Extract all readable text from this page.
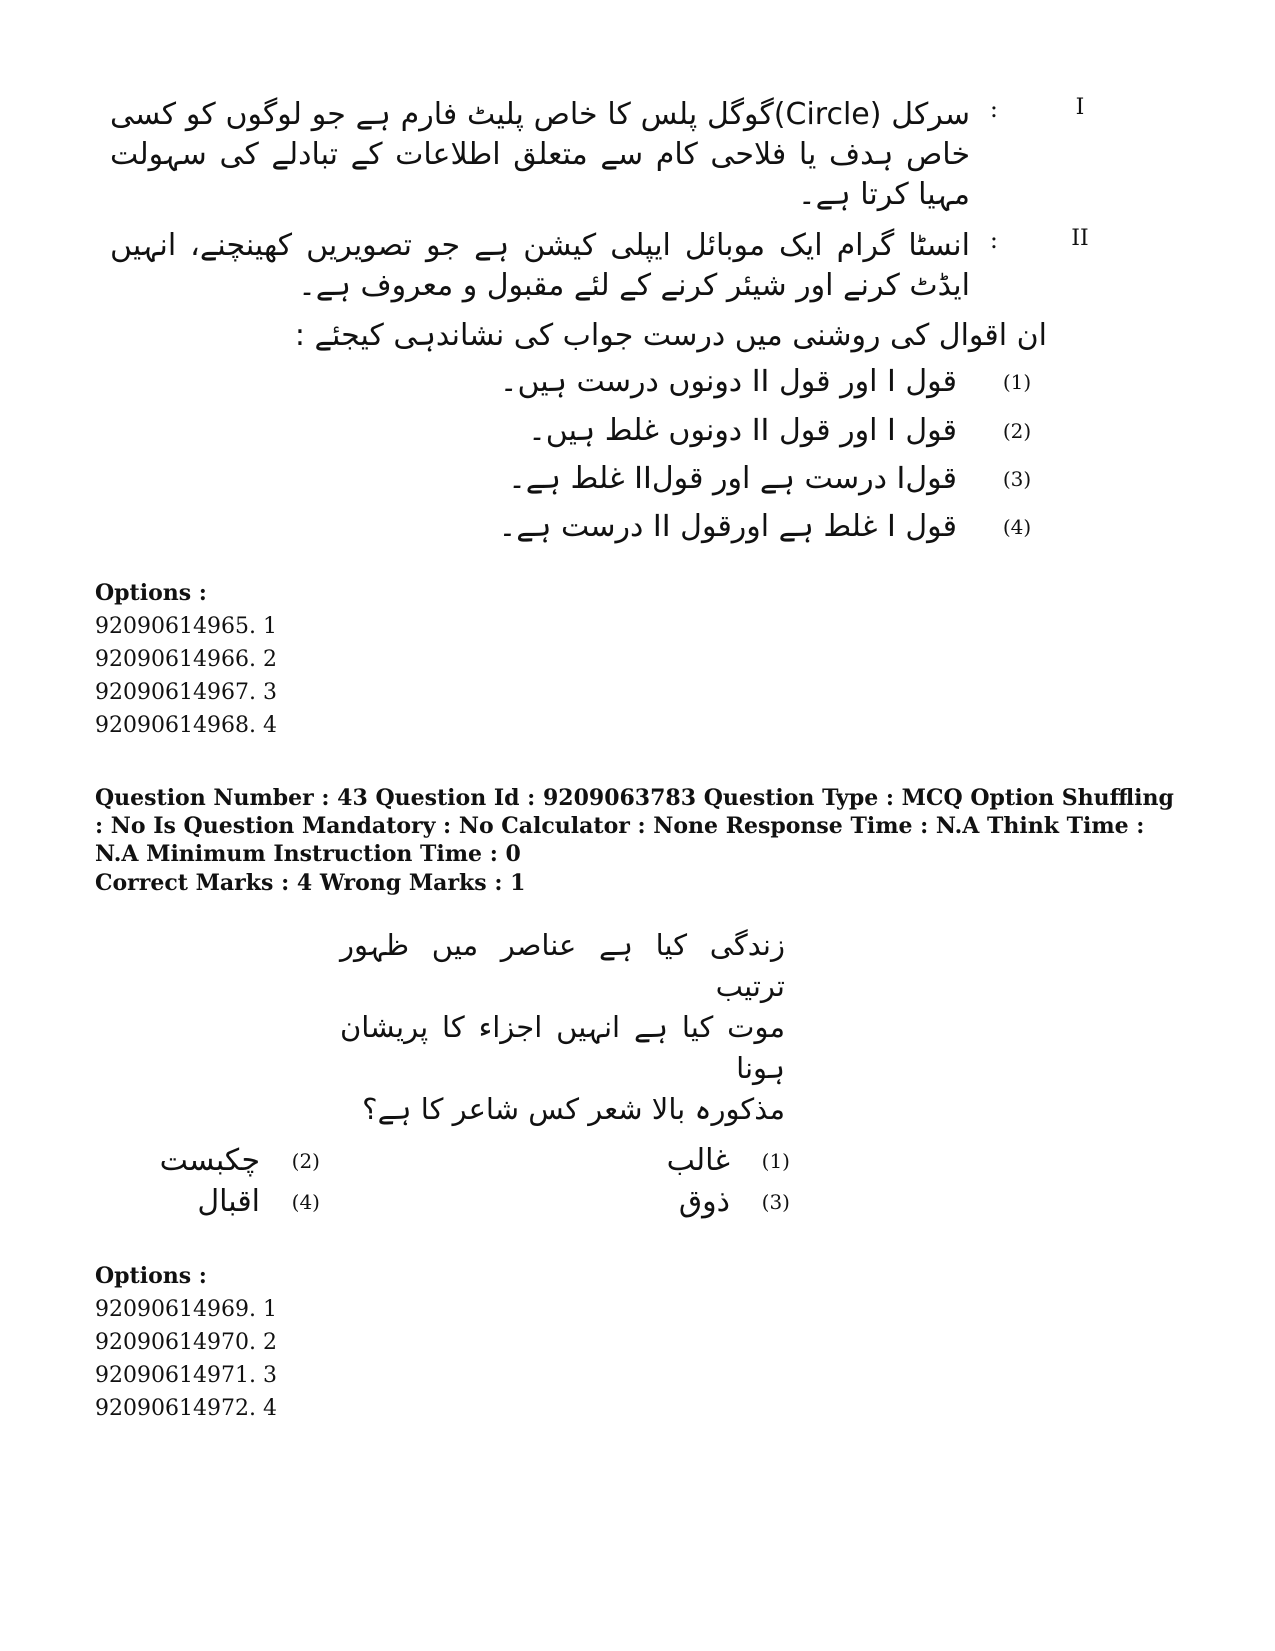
I
:
سرکل (Circle)گوگل پلس کا خاص پلیٹ فارم ہے جو لوگوں کو کسی خاص ہدف یا فلاحی کام سے متعلق اطلاعات کے تبادلے کی سہولت مہیا کرتا ہے۔
II
:
انسٹا گرام ایک موبائل ایپلی کیشن ہے جو تصویریں کھینچنے، انہیں ایڈٹ کرنے اور شیئر کرنے کے لئے مقبول و معروف ہے۔
ان اقوال کی روشنی میں درست جواب کی نشاندہی کیجئے :
(1)
قول I اور قول II دونوں درست ہیں۔
(2)
قول I اور قول II دونوں غلط ہیں۔
(3)
قولI درست ہے اور قولII غلط ہے۔
(4)
قول I غلط ہے اورقول II درست ہے۔
Options :
92090614965. 1
92090614966. 2
92090614967. 3
92090614968. 4
Question Number : 43 Question Id : 9209063783 Question Type : MCQ Option Shuffling : No Is Question Mandatory : No Calculator : None Response Time : N.A Think Time : N.A Minimum Instruction Time : 0
Correct Marks : 4 Wrong Marks : 1
زندگی کیا ہے عناصر میں ظہور
ترتیب
موت کیا ہے انہیں اجزاء کا پریشان
ہونا
مذکورہ بالا شعر کس شاعر کا ہے؟
(1)
غالب
(2)
چکبست
(3)
ذوق
(4)
اقبال
Options :
92090614969. 1
92090614970. 2
92090614971. 3
92090614972. 4
